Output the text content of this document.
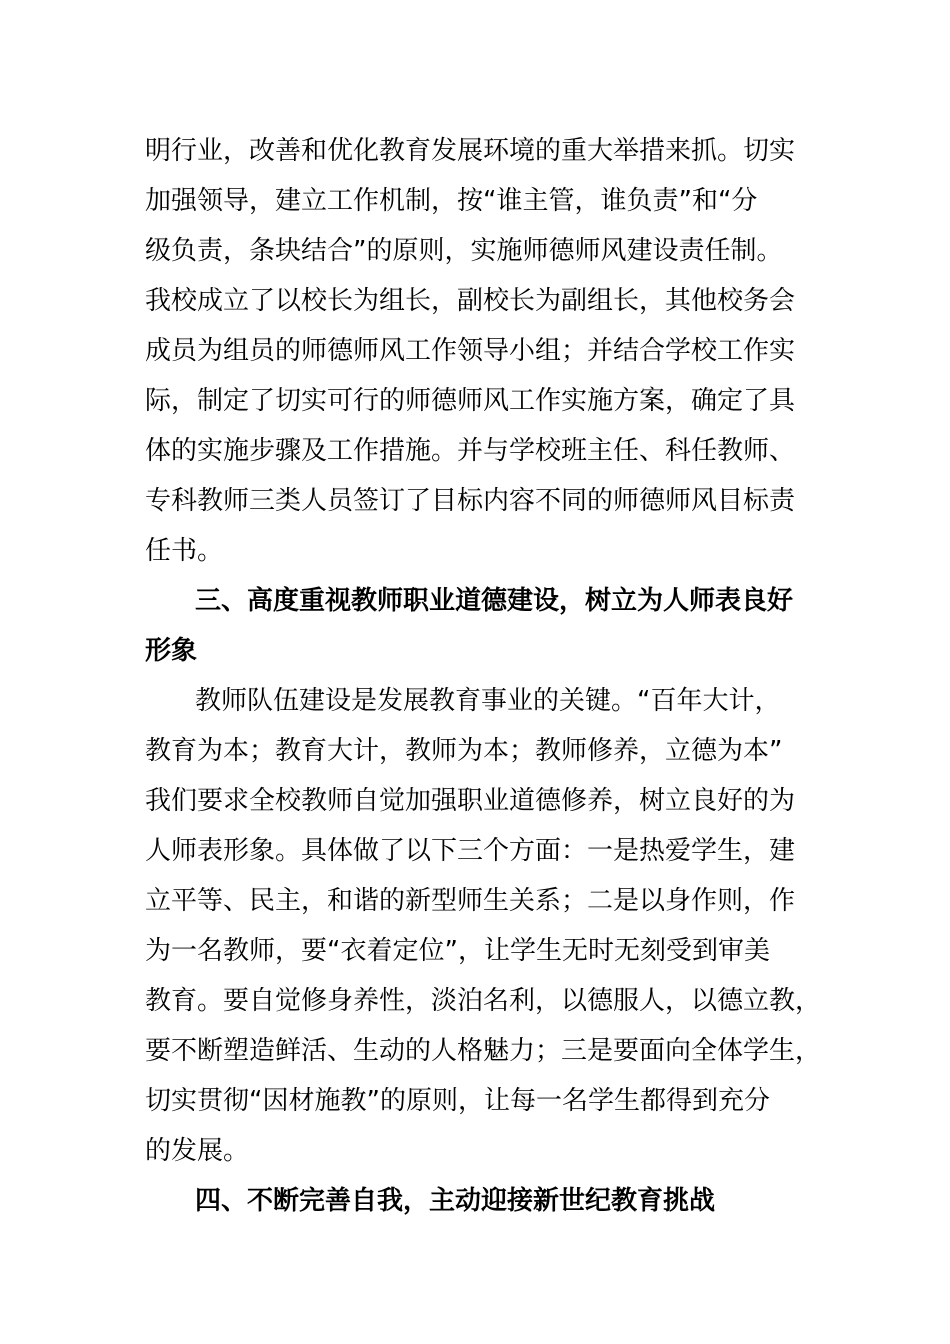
明行业，改善和优化教育发展环境的重大举措来抓。切实
加强领导，建立工作机制，按“谁主管，谁负责”和“分
级负责，条块结合”的原则，实施师德师风建设责任制。
我校成立了以校长为组长，副校长为副组长，其他校务会
成员为组员的师德师风工作领导小组；并结合学校工作实
际，制定了切实可行的师德师风工作实施方案，确定了具
体的实施步骤及工作措施。并与学校班主任、科任教师、
专科教师三类人员签订了目标内容不同的师德师风目标责
任书。
三、高度重视教师职业道德建设，树立为人师表良好
形象
教师队伍建设是发展教育事业的关键。“百年大计，
教育为本；教育大计，教师为本；教师修养，立德为本”
我们要求全校教师自觉加强职业道德修养，树立良好的为
人师表形象。具体做了以下三个方面：一是热爱学生，建
立平等、民主，和谐的新型师生关系；二是以身作则，作
为一名教师，要“衣着定位”，让学生无时无刻受到审美
教育。要自觉修身养性，淡泊名利，以德服人，以德立教，
要不断塑造鲜活、生动的人格魅力；三是要面向全体学生，
切实贯彻“因材施教”的原则，让每一名学生都得到充分
的发展。
四、不断完善自我，主动迎接新世纪教育挑战
